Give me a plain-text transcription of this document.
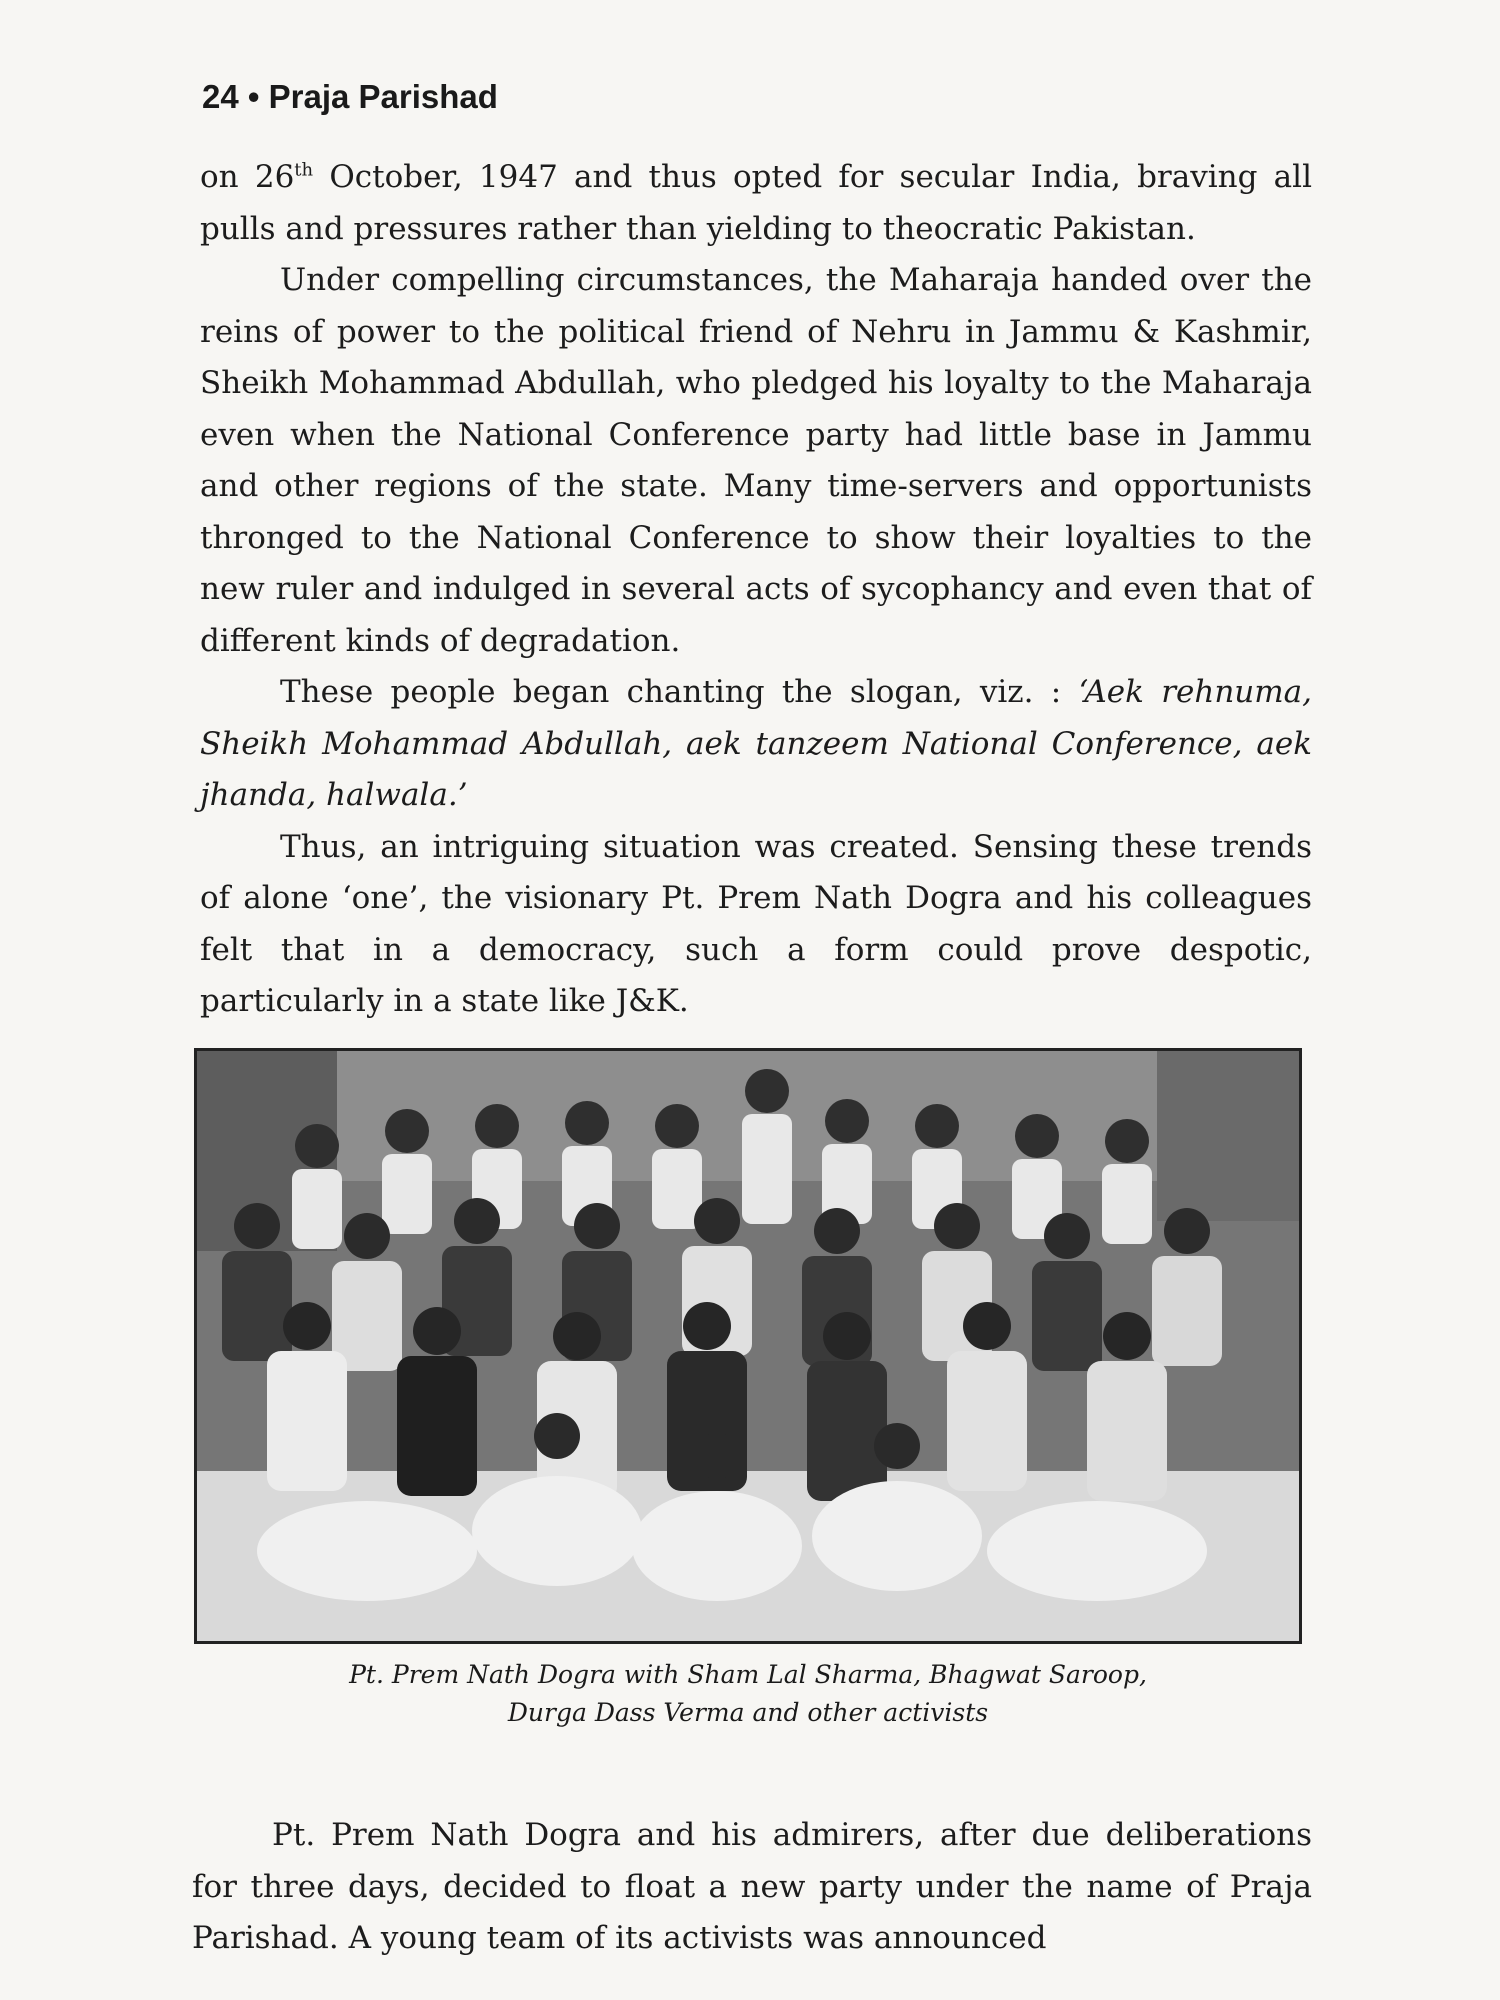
24 • Praja Parishad

on 26th October, 1947 and thus opted for secular India, braving all pulls and pressures rather than yielding to theocratic Pakistan.

Under compelling circumstances, the Maharaja handed over the reins of power to the political friend of Nehru in Jammu & Kashmir, Sheikh Mohammad Abdullah, who pledged his loyalty to the Maharaja even when the National Conference party had little base in Jammu and other regions of the state. Many time-servers and opportunists thronged to the National Conference to show their loyalties to the new ruler and indulged in several acts of sycophancy and even that of different kinds of degradation.

These people began chanting the slogan, viz. : ‘Aek rehnuma, Sheikh Mohammad Abdullah, aek tanzeem National Conference, aek jhanda, halwala.’

Thus, an intriguing situation was created. Sensing these trends of alone ‘one’, the visionary Pt. Prem Nath Dogra and his colleagues felt that in a democracy, such a form could prove despotic, particularly in a state like J&K.

Pt. Prem Nath Dogra with Sham Lal Sharma, Bhagwat Saroop,
Durga Dass Verma and other activists

Pt. Prem Nath Dogra and his admirers, after due deliberations for three days, decided to float a new party under the name of Praja Parishad. A young team of its activists was announced
